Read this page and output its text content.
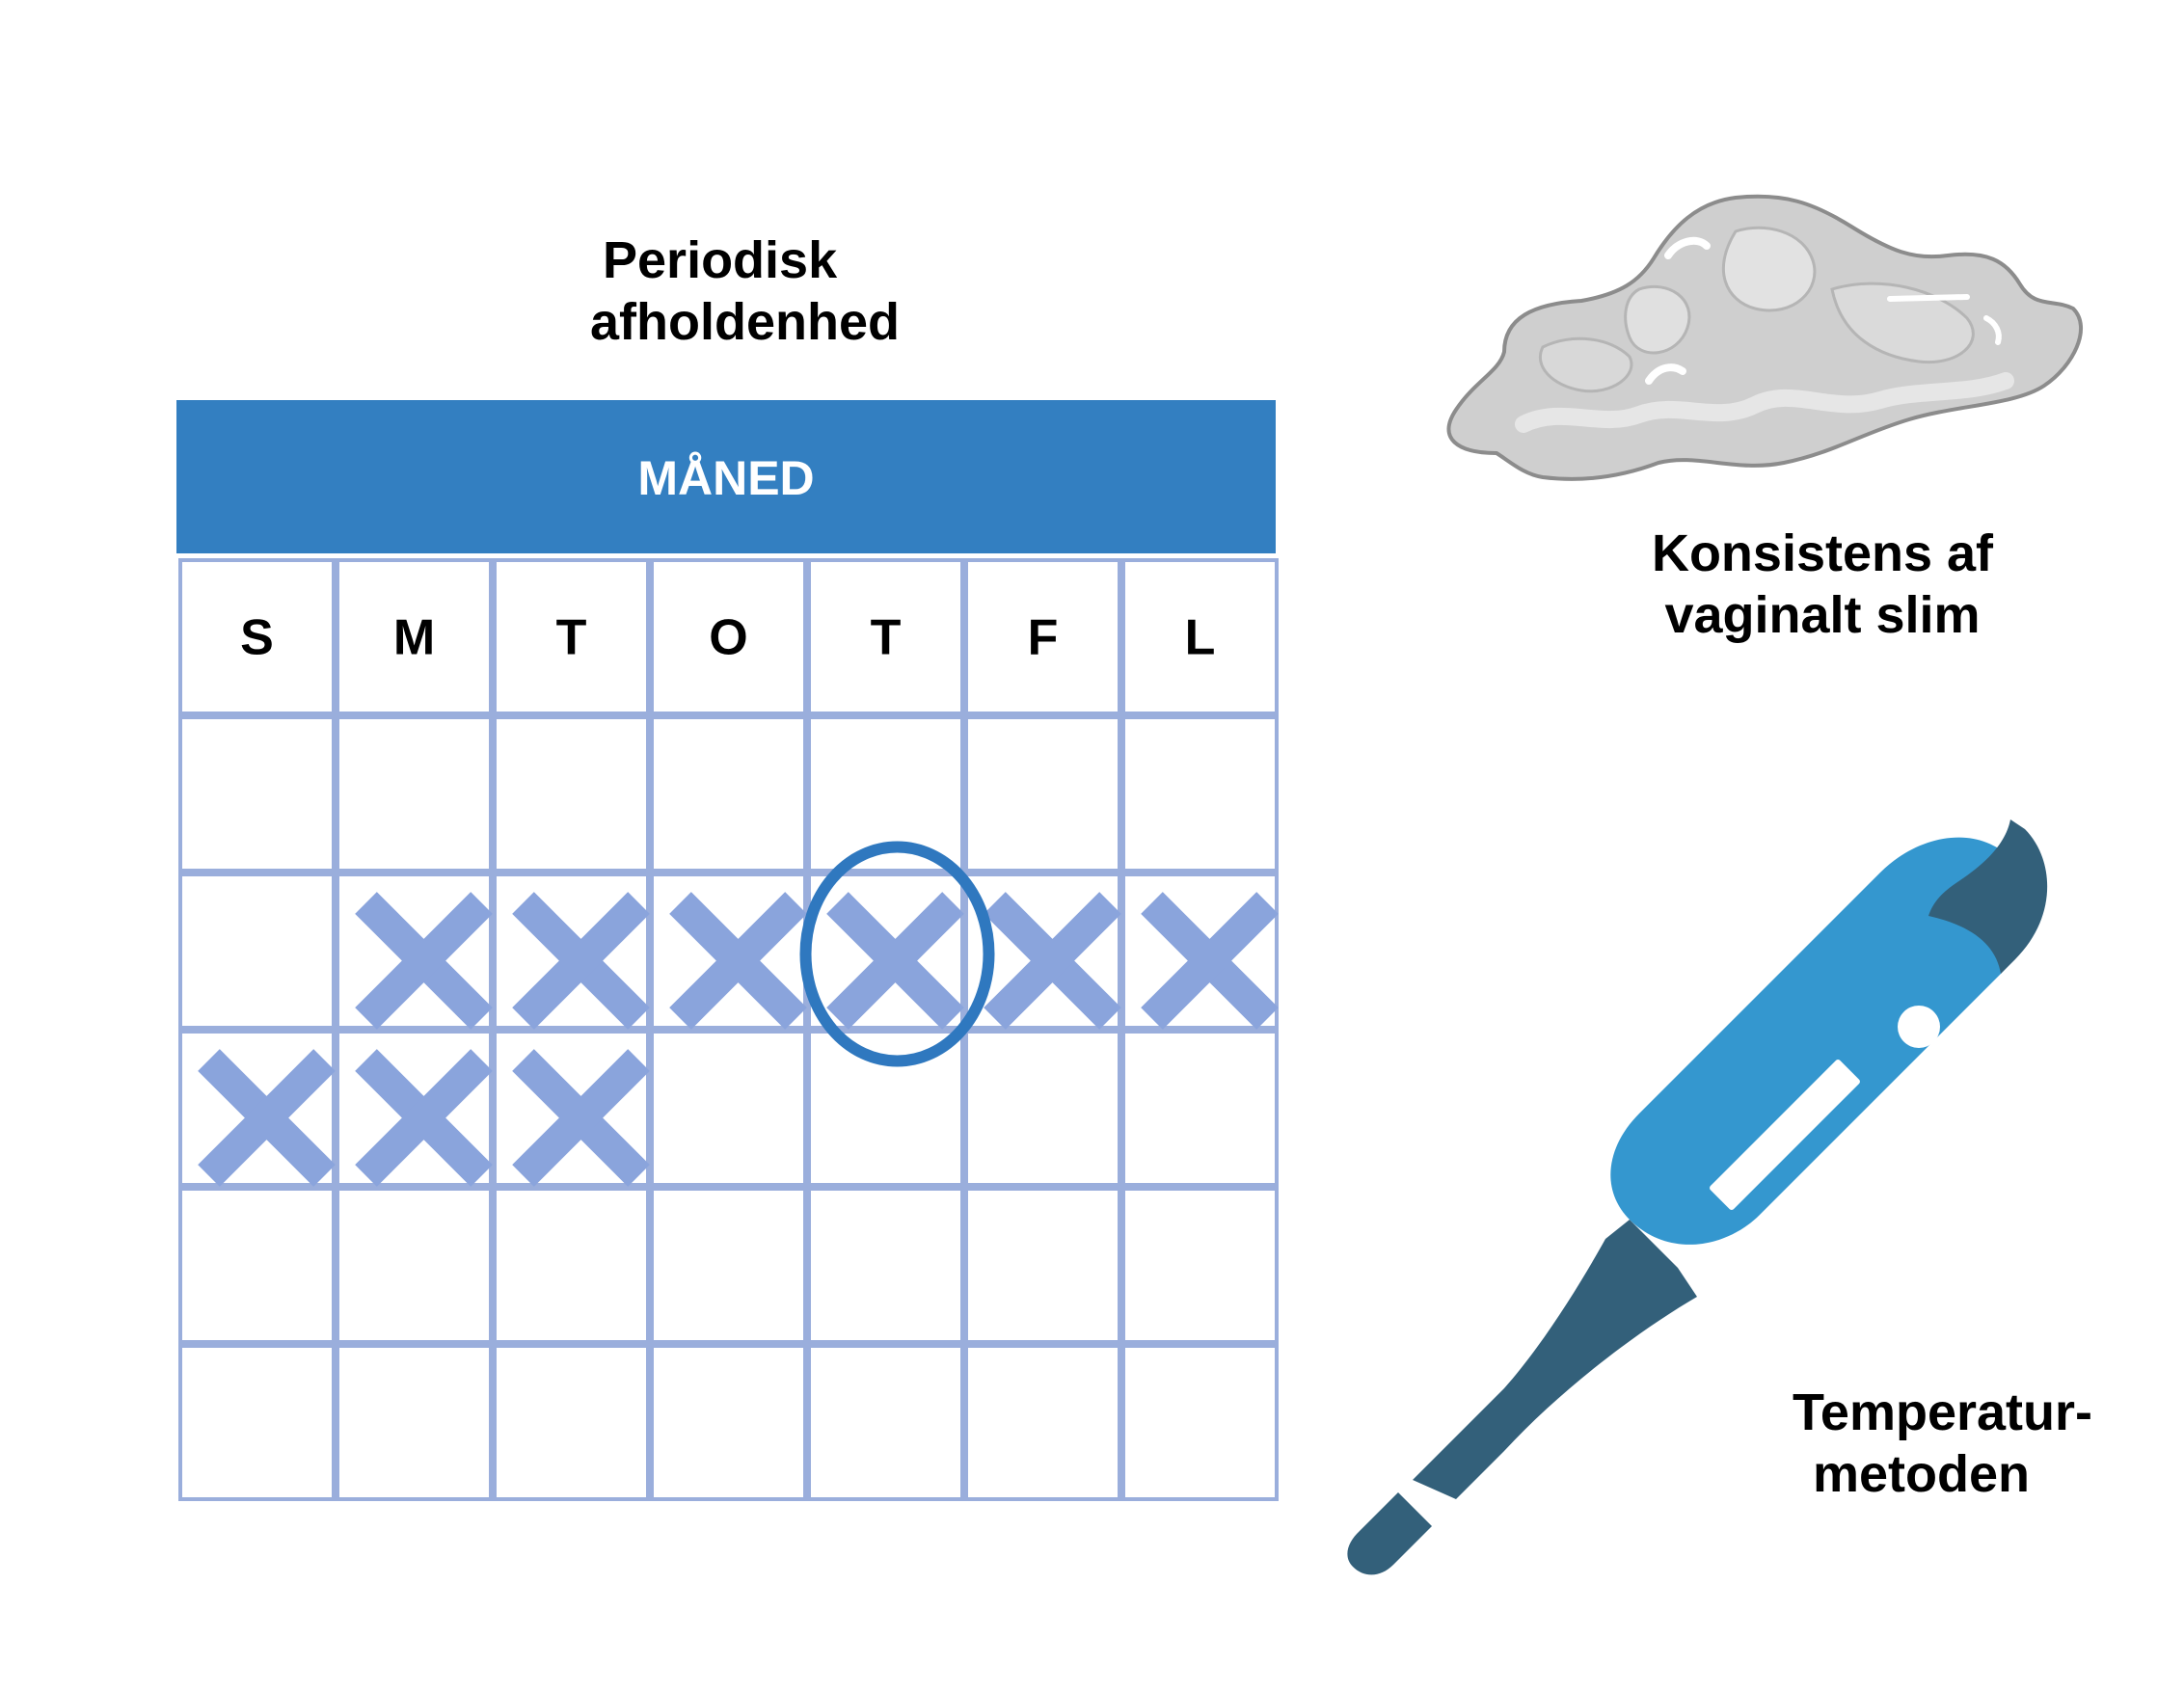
Periodisk
afholdenhed
MÅNED
S M T O T	F	L
Konsistens af
vaginalt slim
Temperatur-
metoden
